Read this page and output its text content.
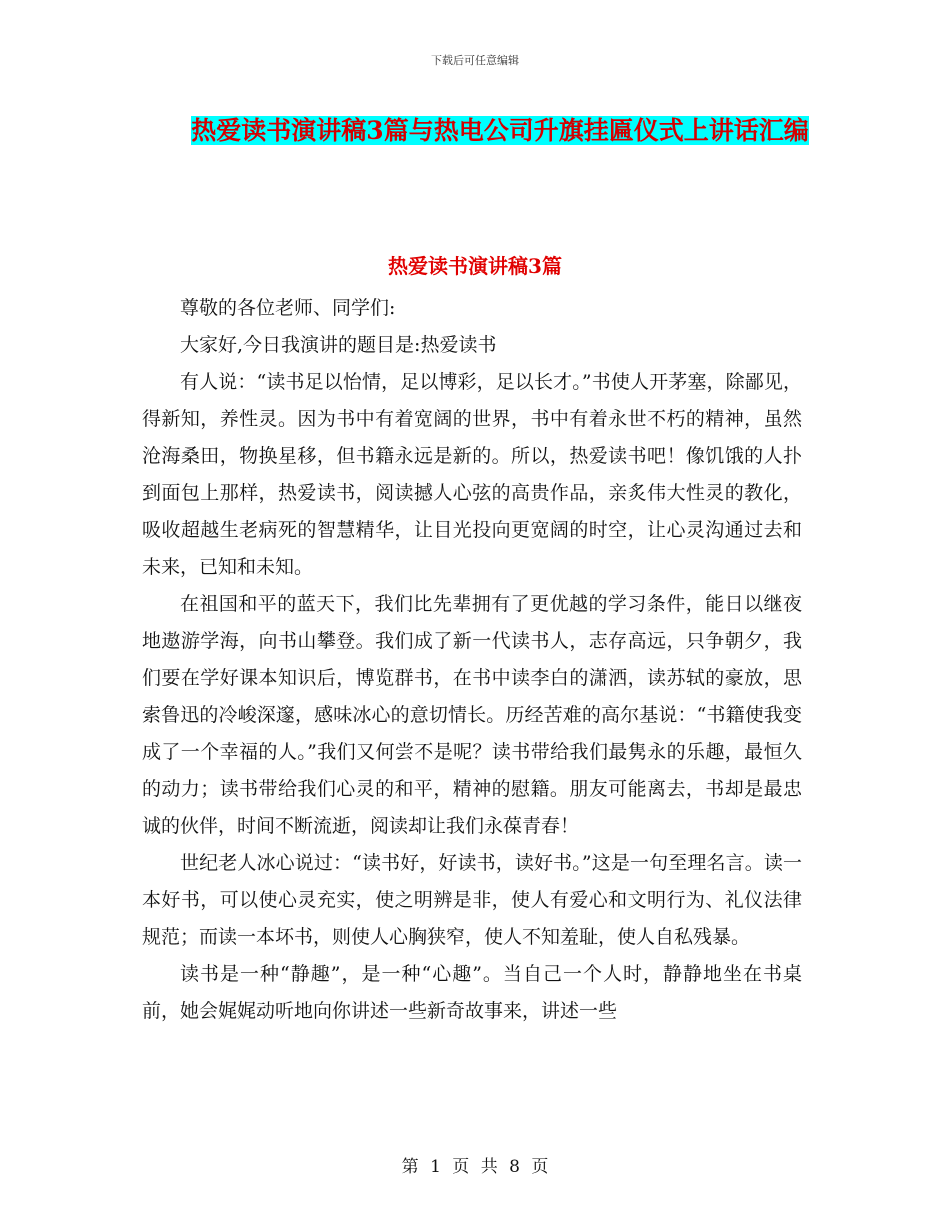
下载后可任意编辑
热爱读书演讲稿3篇与热电公司升旗挂匾仪式上讲话汇编
热爱读书演讲稿3篇

尊敬的各位老师、同学们:

大家好,今日我演讲的题目是:热爱读书

有人说：“读书足以怡情，足以博彩，足以长才。”书使人开茅塞，除鄙见，得新知，养性灵。因为书中有着宽阔的世界，书中有着永世不朽的精神，虽然沧海桑田，物换星移，但书籍永远是新的。所以，热爱读书吧！像饥饿的人扑到面包上那样，热爱读书，阅读撼人心弦的高贵作品，亲炙伟大性灵的教化，吸收超越生老病死的智慧精华，让目光投向更宽阔的时空，让心灵沟通过去和未来，已知和未知。

在祖国和平的蓝天下，我们比先辈拥有了更优越的学习条件，能日以继夜地遨游学海，向书山攀登。我们成了新一代读书人，志存高远，只争朝夕，我们要在学好课本知识后，博览群书，在书中读李白的潇洒，读苏轼的豪放，思索鲁迅的冷峻深邃，感味冰心的意切情长。历经苦难的高尔基说：“书籍使我变成了一个幸福的人。”我们又何尝不是呢？读书带给我们最隽永的乐趣，最恒久的动力；读书带给我们心灵的和平，精神的慰籍。朋友可能离去，书却是最忠诚的伙伴，时间不断流逝，阅读却让我们永葆青春！

世纪老人冰心说过：“读书好，好读书，读好书。”这是一句至理名言。读一本好书，可以使心灵充实，使之明辨是非，使人有爱心和文明行为、礼仪法律规范；而读一本坏书，则使人心胸狭窄，使人不知羞耻，使人自私残暴。

读书是一种“静趣”，是一种“心趣”。当自己一个人时，静静地坐在书桌前，她会娓娓动听地向你讲述一些新奇故事来，讲述一些

第 1 页 共 8 页
